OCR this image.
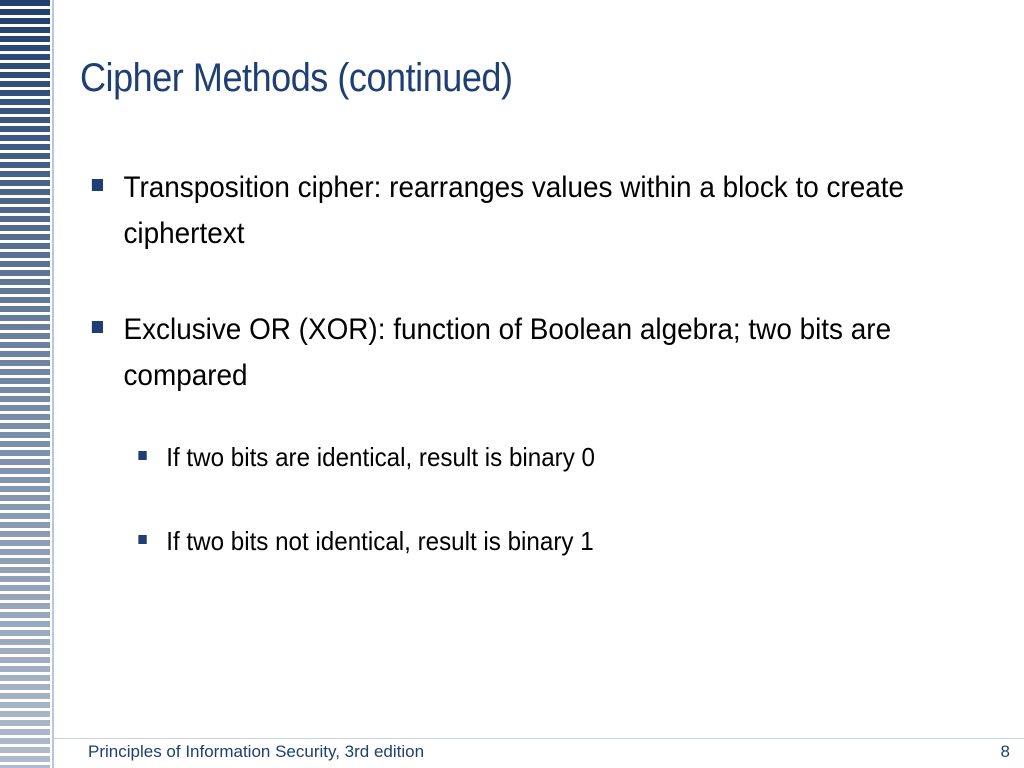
Cipher Methods (continued)
Transposition cipher: rearranges values within a block to create ciphertext
Exclusive OR (XOR): function of Boolean algebra; two bits are compared
If two bits are identical, result is binary 0
If two bits not identical, result is binary 1
Principles of Information Security, 3rd edition	8
